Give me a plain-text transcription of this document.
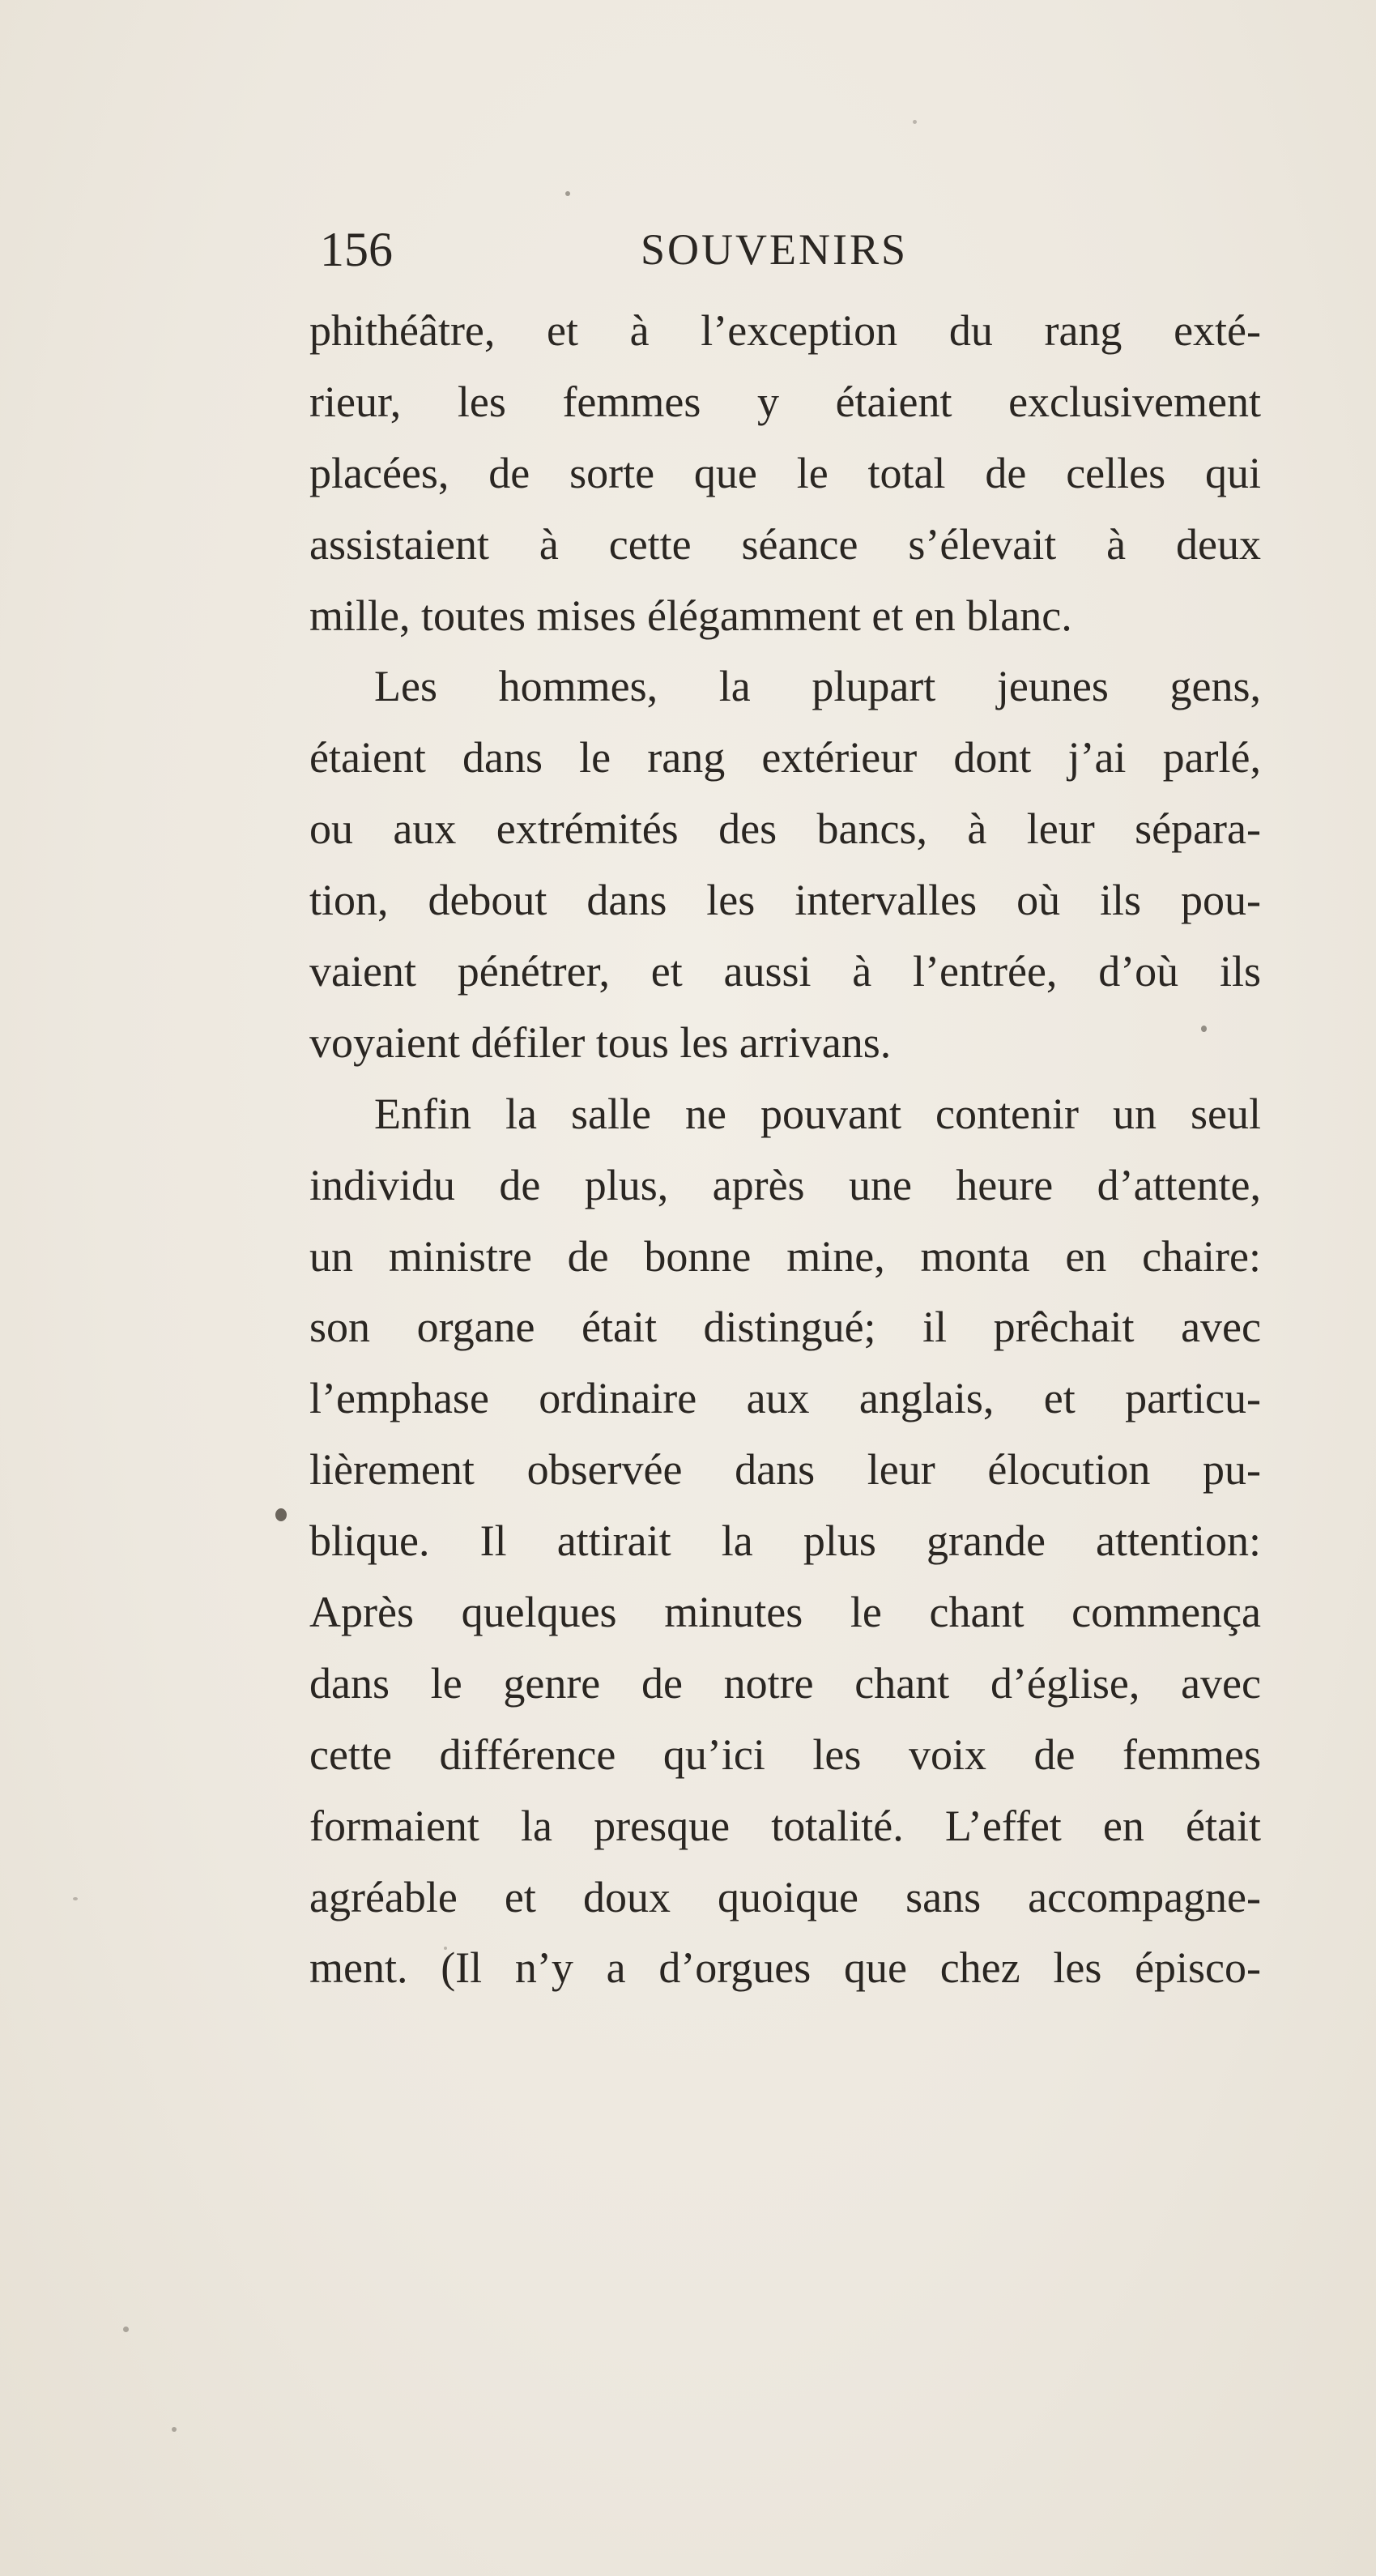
156	SOUVENIRS
phithéâtre, et à l’exception du rang exté-
rieur, les femmes y étaient exclusivement
placées, de sorte que le total de celles qui
assistaient à cette séance s’élevait à deux
mille, toutes mises élégamment et en blanc.
Les hommes, la plupart jeunes gens,
étaient dans le rang extérieur dont j’ai parlé,
ou aux extrémités des bancs, à leur sépara-
tion, debout dans les intervalles où ils pou-
vaient pénétrer, et aussi à l’entrée, d’où ils
voyaient défiler tous les arrivans.
Enfin la salle ne pouvant contenir un seul
individu de plus, après une heure d’attente,
un ministre de bonne mine, monta en chaire:
son organe était distingué; il prêchait avec
l’emphase ordinaire aux anglais, et particu-
lièrement observée dans leur élocution pu-
blique. Il attirait la plus grande attention:
Après quelques minutes le chant commença
dans le genre de notre chant d’église, avec
cette différence qu’ici les voix de femmes
formaient la presque totalité. L’effet en était
agréable et doux quoique sans accompagne-
ment. (Il n’y a d’orgues que chez les épisco-
